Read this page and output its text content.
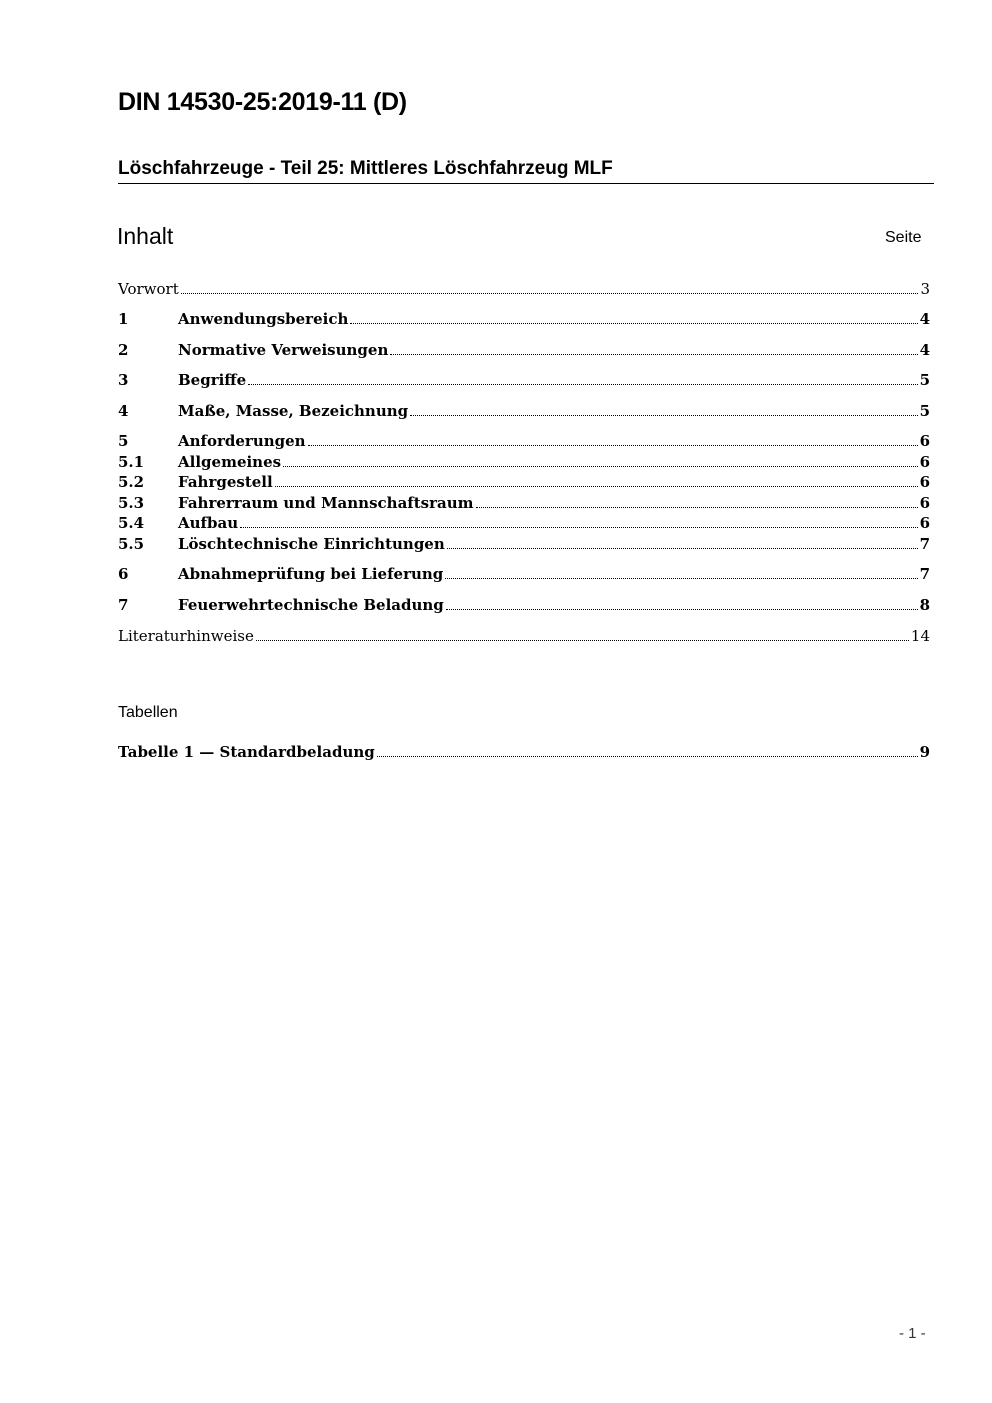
DIN 14530-25:2019-11 (D)
Löschfahrzeuge - Teil 25: Mittleres Löschfahrzeug MLF
Inhalt	Seite
Vorwort	3
1	Anwendungsbereich	4
2	Normative Verweisungen	4
3	Begriffe	5
4	Maße, Masse, Bezeichnung	5
5	Anforderungen	6
5.1	Allgemeines	6
5.2	Fahrgestell	6
5.3	Fahrerraum und Mannschaftsraum	6
5.4	Aufbau	6
5.5	Löschtechnische Einrichtungen	7
6	Abnahmeprüfung bei Lieferung	7
7	Feuerwehrtechnische Beladung	8
Literaturhinweise	14
Tabellen
Tabelle 1 — Standardbeladung	9
- 1 -
